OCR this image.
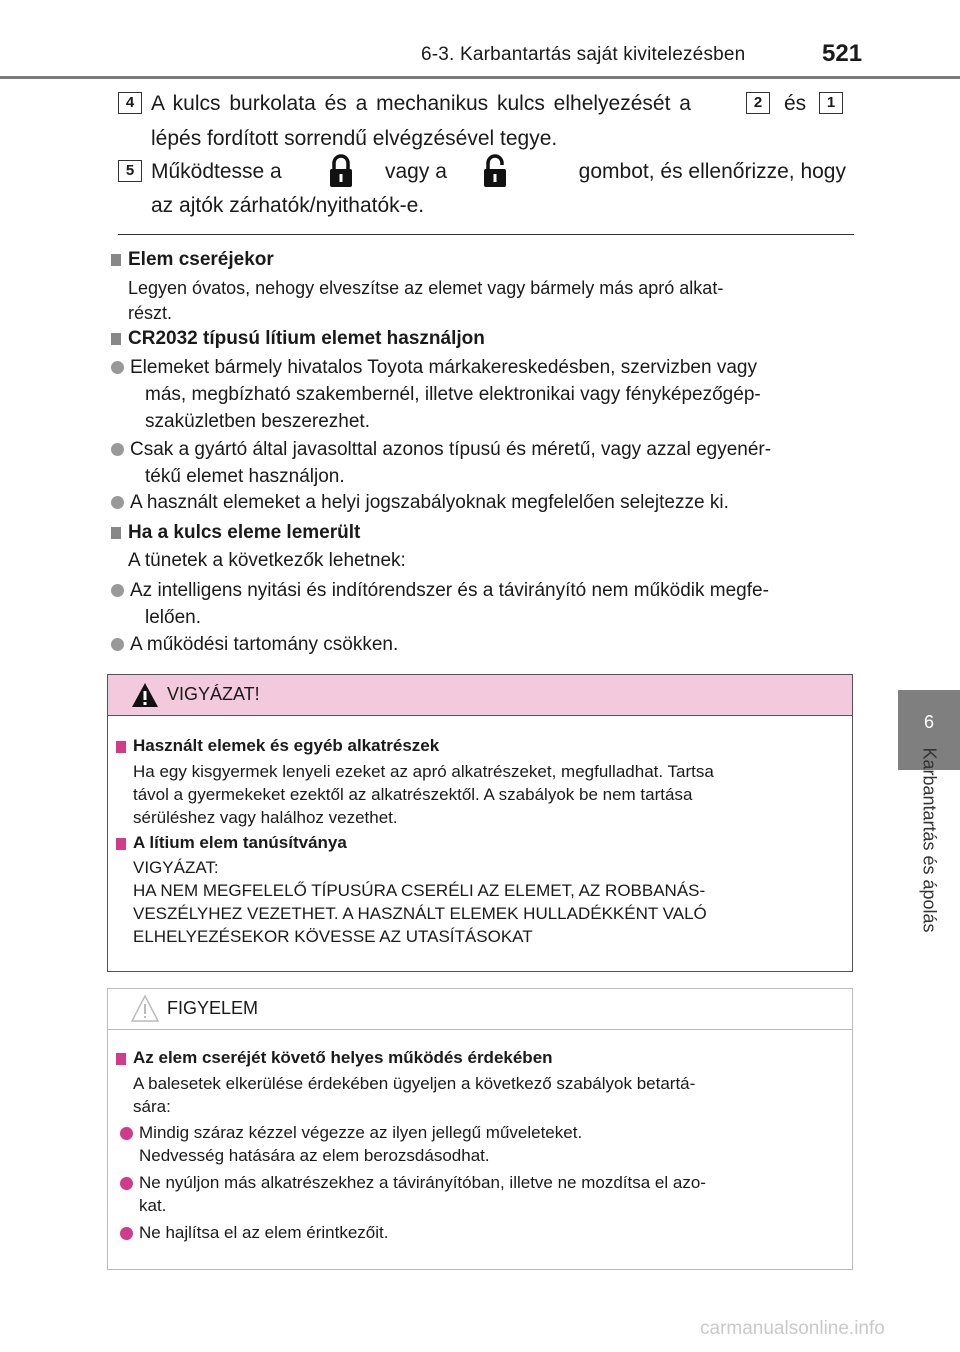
6-3. Karbantartás saját kivitelezésben	521
6
Karbantartás és ápolás
4 A kulcs burkolata és a mechanikus kulcs elhelyezését a	2	és	1
lépés fordított sorrendű elvégzésével tegye.
5 Működtesse a	vagy a	gombot, és ellenőrizze, hogy
az ajtók zárhatók/nyithatók-e.
Elem cseréjekor
Legyen óvatos, nehogy elveszítse az elemet vagy bármely más apró alkat-
részt.
CR2032 típusú lítium elemet használjon
Elemeket bármely hivatalos Toyota márkakereskedésben, szervizben vagy
más, megbízható szakembernél, illetve elektronikai vagy fényképezőgép-
szaküzletben beszerezhet.
Csak a gyártó által javasolttal azonos típusú és méretű, vagy azzal egyenér-
tékű elemet használjon.
A használt elemeket a helyi jogszabályoknak megfelelően selejtezze ki.
Ha a kulcs eleme lemerült
A tünetek a következők lehetnek:
Az intelligens nyitási és indítórendszer és a távirányító nem működik megfe-
lelően.
A működési tartomány csökken.
VIGYÁZAT!
Használt elemek és egyéb alkatrészek
Ha egy kisgyermek lenyeli ezeket az apró alkatrészeket, megfulladhat. Tartsa
távol a gyermekeket ezektől az alkatrészektől. A szabályok be nem tartása
sérüléshez vagy halálhoz vezethet.
A lítium elem tanúsítványa
VIGYÁZAT:
HA NEM MEGFELELŐ TÍPUSÚRA CSERÉLI AZ ELEMET, AZ ROBBANÁS-
VESZÉLYHEZ VEZETHET. A HASZNÁLT ELEMEK HULLADÉKKÉNT VALÓ
ELHELYEZÉSEKOR KÖVESSE AZ UTASÍTÁSOKAT
FIGYELEM
Az elem cseréjét követő helyes működés érdekében
A balesetek elkerülése érdekében ügyeljen a következő szabályok betartá-
sára:
Mindig száraz kézzel végezze az ilyen jellegű műveleteket.
Nedvesség hatására az elem berozsdásodhat.
Ne nyúljon más alkatrészekhez a távirányítóban, illetve ne mozdítsa el azo-
kat.
Ne hajlítsa el az elem érintkezőit.
carmanualsonline.info
